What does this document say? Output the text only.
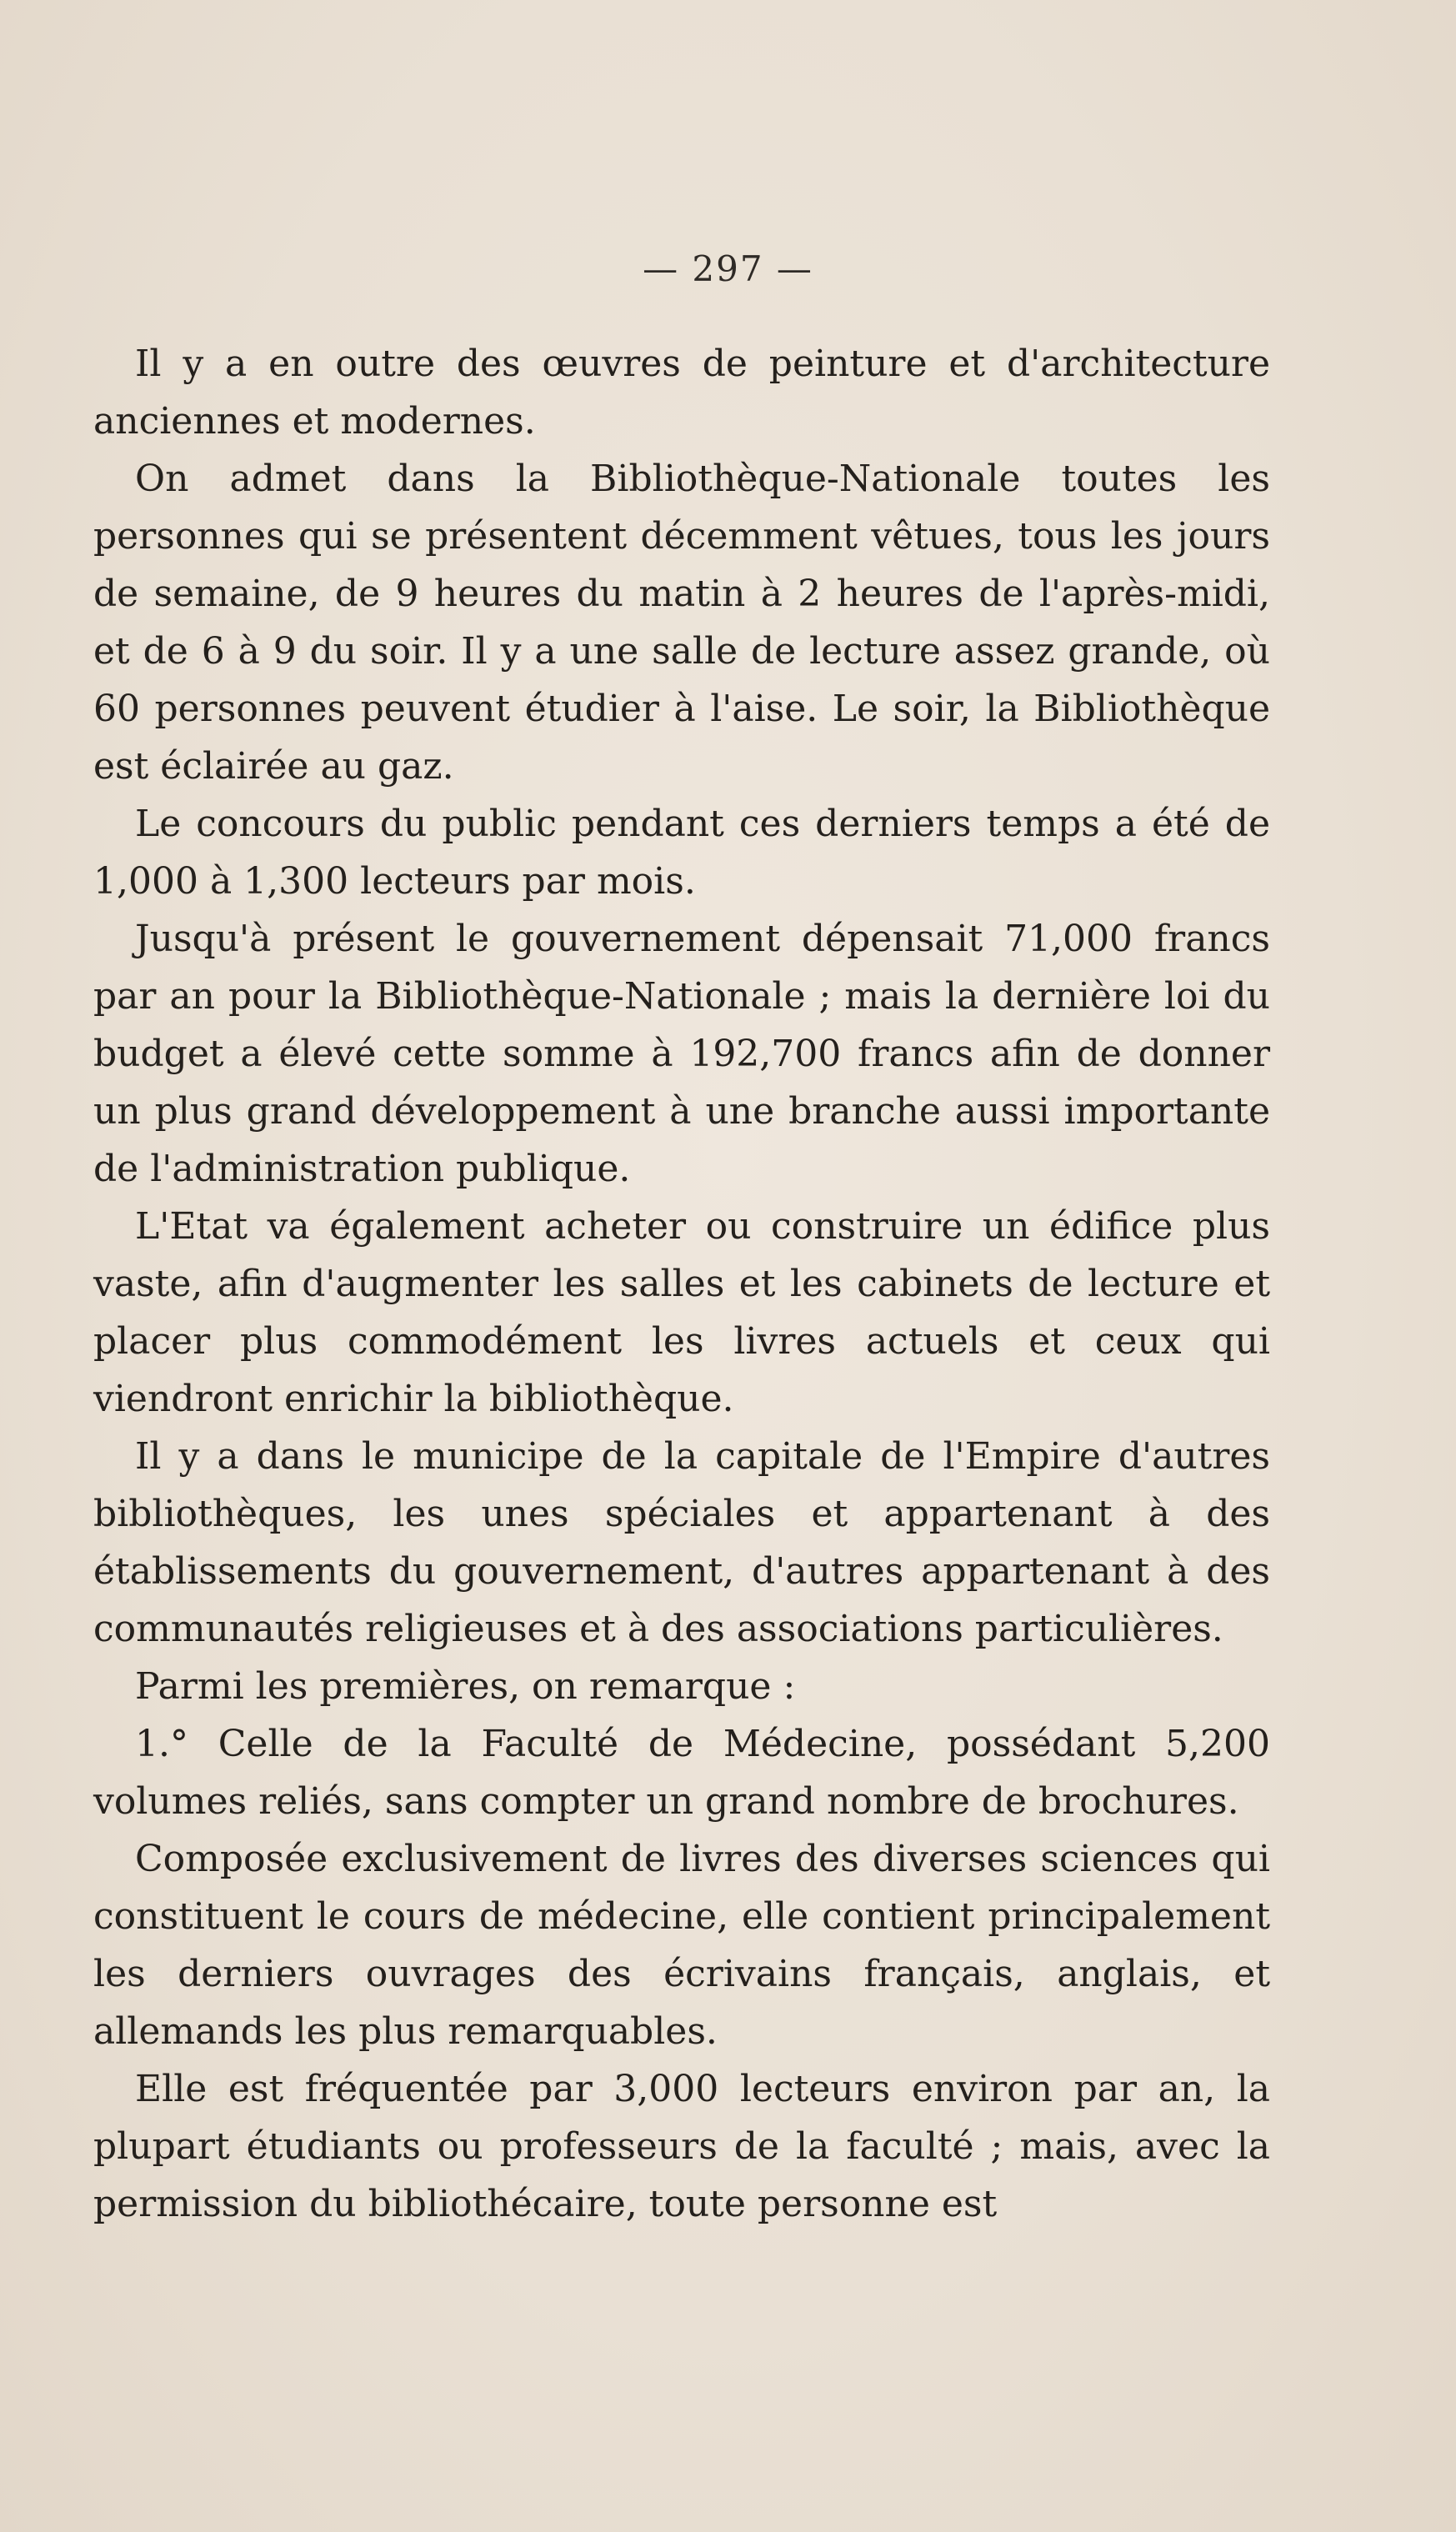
— 297 —

Il y a en outre des œuvres de peinture et d'architecture anciennes et modernes.

On admet dans la Bibliothèque-Nationale toutes les personnes qui se présentent décemment vêtues, tous les jours de semaine, de 9 heures du matin à 2 heures de l'après-midi, et de 6 à 9 du soir. Il y a une salle de lecture assez grande, où 60 personnes peuvent étudier à l'aise. Le soir, la Bibliothèque est éclairée au gaz.

Le concours du public pendant ces derniers temps a été de 1,000 à 1,300 lecteurs par mois.

Jusqu'à présent le gouvernement dépensait 71,000 francs par an pour la Bibliothèque-Nationale ; mais la dernière loi du budget a élevé cette somme à 192,700 francs afin de donner un plus grand développement à une branche aussi importante de l'administration publique.

L'Etat va également acheter ou construire un édifice plus vaste, afin d'augmenter les salles et les cabinets de lecture et placer plus commodément les livres actuels et ceux qui viendront enrichir la bibliothèque.

Il y a dans le municipe de la capitale de l'Empire d'autres bibliothèques, les unes spéciales et appartenant à des établissements du gouvernement, d'autres appartenant à des communautés religieuses et à des associations particulières.

Parmi les premières, on remarque :

1.° Celle de la Faculté de Médecine, possédant 5,200 volumes reliés, sans compter un grand nombre de brochures.

Composée exclusivement de livres des diverses sciences qui constituent le cours de médecine, elle contient principalement les derniers ouvrages des écrivains français, anglais, et allemands les plus remarquables.

Elle est fréquentée par 3,000 lecteurs environ par an, la plupart étudiants ou professeurs de la faculté ; mais, avec la permission du bibliothécaire, toute personne est
